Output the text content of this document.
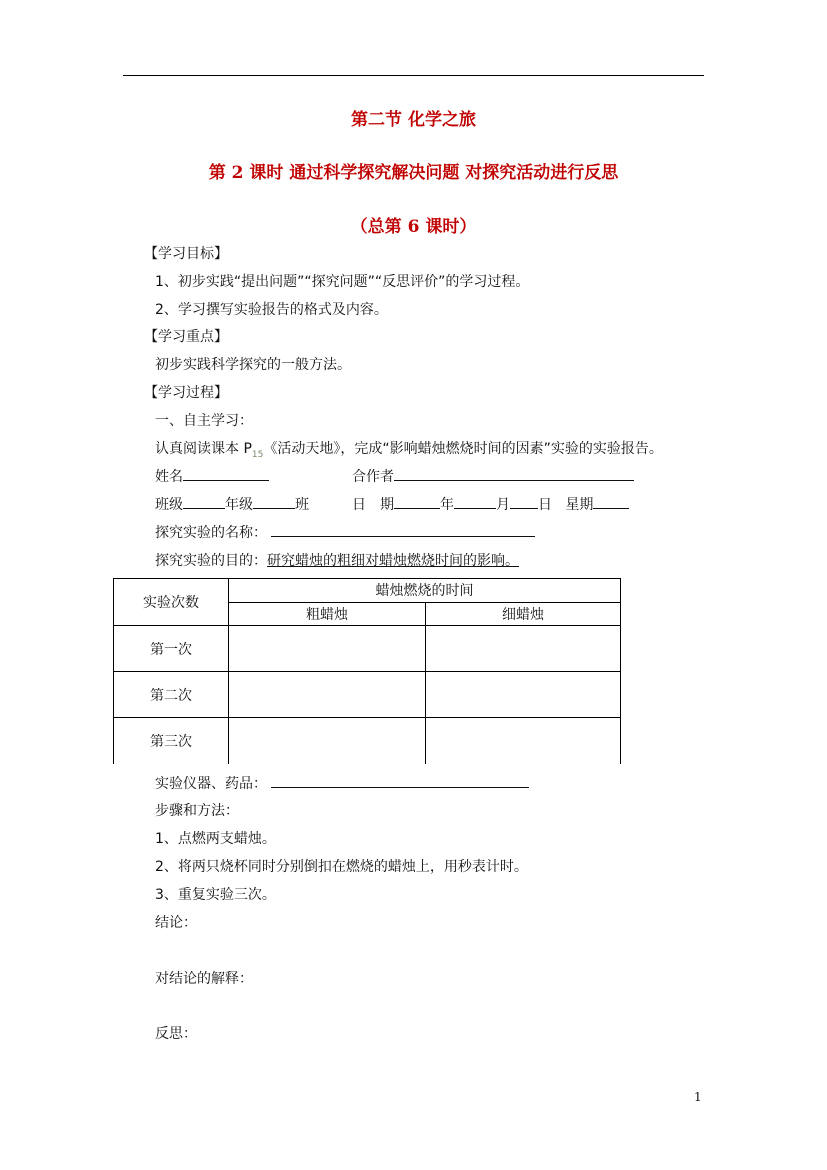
第二节 化学之旅
第 2 课时 通过科学探究解决问题 对探究活动进行反思
（总第 6 课时）
【学习目标】
1、初步实践“提出问题”“探究问题”“反思评价”的学习过程。
2、学习撰写实验报告的格式及内容。
【学习重点】
初步实践科学探究的一般方法。
【学习过程】
一、自主学习：
认真阅读课本 $P_{15}$《活动天地》，完成“影响蜡烛燃烧时间的因素”实验的实验报告。
姓名	合作者
班级	年级	班	日　期	年	月 日 星期
探究实验的名称：
探究实验的目的：研究蜡烛的粗细对蜡烛燃烧时间的影响。
实验次数	蜡烛燃烧的时间	
	粗蜡烛	细蜡烛
第一次		
第二次		
第三次		
实验仪器、药品：
步骤和方法：
1、点燃两支蜡烛。
2、将两只烧杯同时分别倒扣在燃烧的蜡烛上，用秒表计时。
3、重复实验三次。
结论：
对结论的解释：
反思：
1
